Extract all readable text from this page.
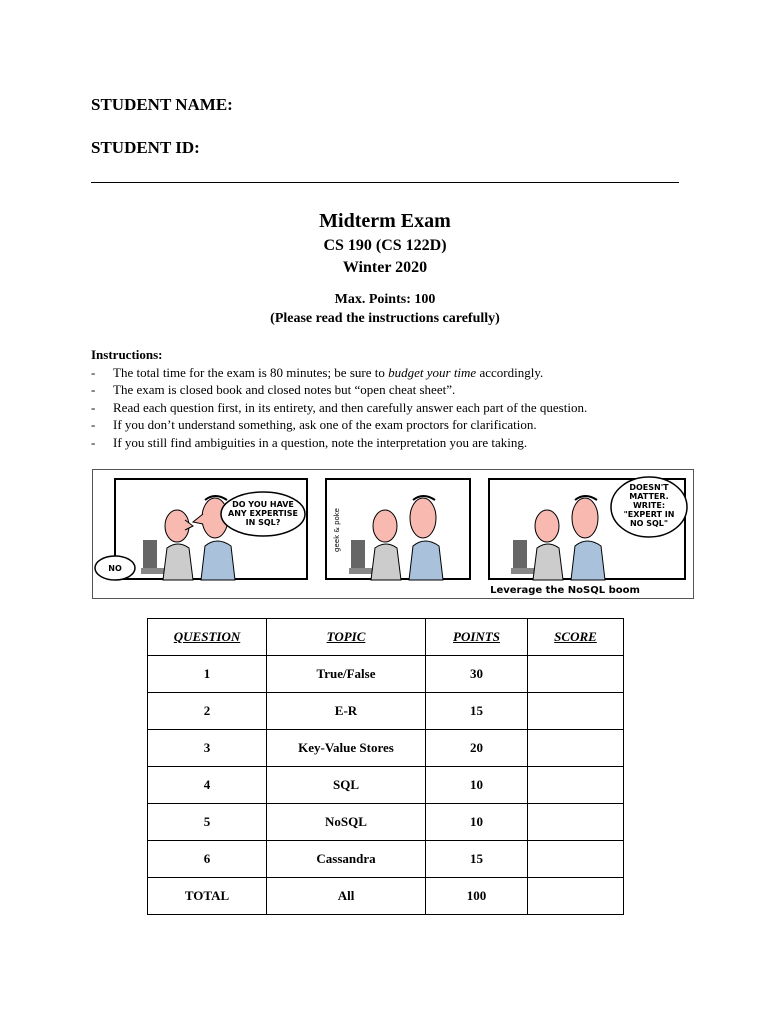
STUDENT NAME:
STUDENT ID:
Midterm Exam
CS 190 (CS 122D)
Winter 2020
Max. Points: 100
(Please read the instructions carefully)
Instructions:
- The total time for the exam is 80 minutes; be sure to budget your time accordingly.
- The exam is closed book and closed notes but “open cheat sheet”.
- Read each question first, in its entirety, and then carefully answer each part of the question.
- If you don’t understand something, ask one of the exam proctors for clarification.
- If you still find ambiguities in a question, note the interpretation you are taking.
DO YOU HAVE
ANY EXPERTISE
IN SQL?
NO
geek & poke
DOESN'T
MATTER.
WRITE:
"EXPERT IN
NO SQL"
Leverage the NoSQL boom
QUESTION	TOPIC	POINTS	SCORE
1	True/False	30	
2	E-R	15	
3	Key-Value Stores	20	
4	SQL	10	
5	NoSQL	10	
6	Cassandra	15	
TOTAL	All	100	
